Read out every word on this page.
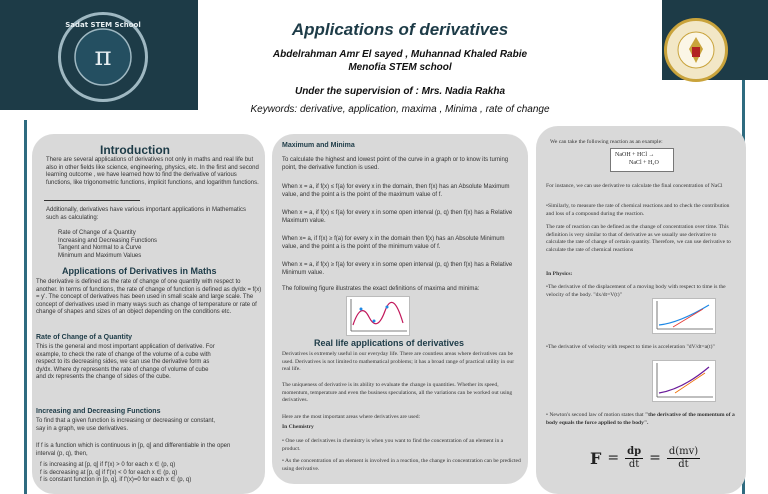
π
Sadat STEM School	Applications of derivatives
Abdelrahman Amr El sayed , Muhannad Khaled Rabie
Menofia STEM school
Under the supervision of : Mrs. Nadia Rakha
Keywords: derivative, application, maxima , Minima , rate of change
Introduction
There are several applications of derivatives not only in maths and real life but also in other fields like science, engineering, physics, etc. In the first and second learning outcome , we have learned how to find the derivative of various functions, like trigonometric functions, implicit functions, and logarithm functions.
Additionally, derivatives have various important applications in Mathematics such as calculating:
Rate of Change of a Quantity
Increasing and Decreasing Functions
Tangent and Normal to a Curve
Minimum and Maximum Values
Applications of Derivatives in Maths
The derivative is defined as the rate of change of one quantity with respect to another. In terms of functions, the rate of change of function is defined as dy/dx = f(x) = y'. The concept of derivatives has been used in small scale and large scale. The concept of derivatives used in many ways such as change of temperature or rate of change of shapes and sizes of an object depending on the conditions etc.
Rate of Change of a Quantity
This is the general and most important application of derivative. For example, to check the rate of change of the volume of a cube with respect to its decreasing sides, we can use the derivative form as dy/dx. Where dy represents the rate of change of volume of cube and dx represents the change of sides of the cube.
Increasing and Decreasing Functions
To find that a given function is increasing or decreasing or constant, say in a graph, we use derivatives.
If f is a function which is continuous in [p, q] and differentiable in the open interval (p, q), then,
f is increasing at [p, q] if f'(x) > 0 for each x ∈ (p, q)
f is decreasing at [p, q] if f'(x) < 0 for each x ∈ (p, q)
f is constant function in [p, q], if f'(x)=0 for each x ∈ (p, q)
Maximum and Minima
To calculate the highest and lowest point of the curve in a graph or to know its turning point, the derivative function is used.
When x = a, if f(x) ≤ f(a) for every x in the domain, then f(x) has an Absolute Maximum value, and the point a is the point of the maximum value of f.
When x = a, if f(x) ≤ f(a) for every x in some open interval (p, q) then f(x) has a Relative Maximum value.
When x= a, if f(x) ≥ f(a) for every x in the domain then f(x) has an Absolute Minimum value, and the point a is the point of the minimum value of f.
When x = a, if f(x) ≥ f(a) for every x in some open interval (p, q) then f(x) has a Relative Minimum value.
The following figure illustrates the exact definitions of maxima and minima:
Real life applications of derivatives
Derivatives is extremely useful in our everyday life. There are countless areas where derivatives can be used. Derivatives is not limited to mathematical problems; it has a broad range of practical utility in our real life.
The uniqueness of derivative is its ability to evaluate the change in quantities. Whether its speed, momentum, temperature and even the business speculations, all the variations can be worked out using derivatives.
Here are the most important areas where derivatives are used:
In Chemistry
• One use of derivatives in chemistry is when you want to find the concentration of an element in a product.
• As the concentration of an element is involved in a reaction, the change in concentration can be predicted using derivative.
We can take the following reaction as an example:
NaOH + HCl →
NaCl + H₂O
For instance, we can use derivative to calculate the final concentration of NaCl
•Similarly, to measure the rate of chemical reactions and to check the contribution and loss of a compound during the reaction.
The rate of reaction can be defined as the change of concentration over time. This definition is very similar to that of derivative as we usually use derivative to calculate the rate of change of certain quantity. Therefore, we can use derivative to calculate the rate of chemical reactions
In Physics:
•The derivative of the displacement of a moving body with respect to time is the velocity of the body. "dx/dt=V(t)"
•The derivative of velocity with respect to time is acceleration "dV/dt=a(t)"
• Newton's second law of motion states that "the derivative of the momentum of a body equals the force applied to the body".
$F = \frac{dp}{dt} = \frac{d(mv)}{dt}$
